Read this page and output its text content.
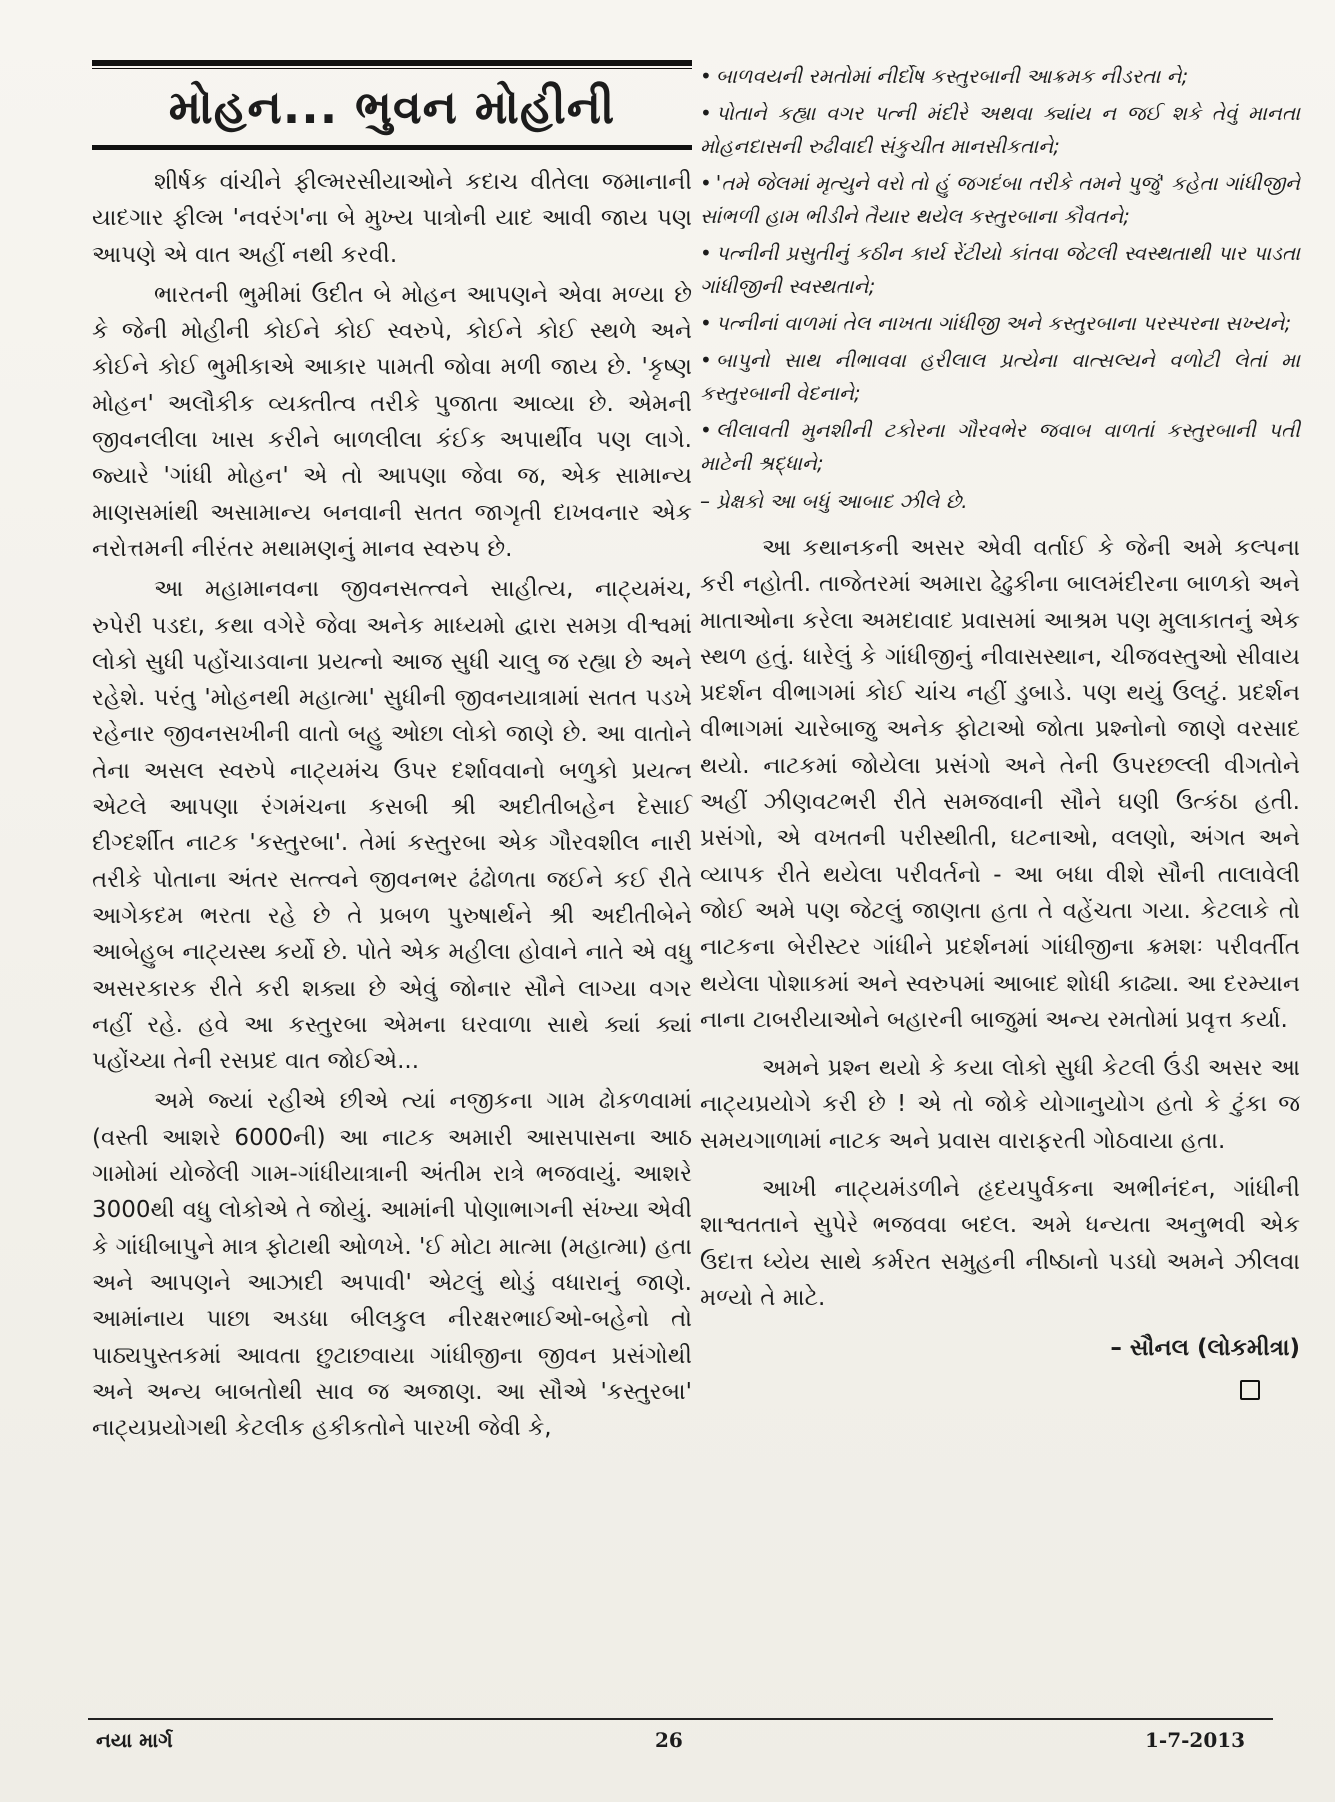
મોહન... ભુવન મોહીની

શીર્ષક વાંચીને ફીલ્મરસીયાઓને કદાચ વીતેલા જમાનાની યાદગાર ફીલ્મ 'નવરંગ'ના બે મુખ્ય પાત્રોની યાદ આવી જાય પણ આપણે એ વાત અહીં નથી કરવી.

ભારતની ભુમીમાં ઉદીત બે મોહન આપણને એવા મળ્યા છે કે જેની મોહીની કોઈને કોઈ સ્વરુપે, કોઈને કોઈ સ્થળે અને કોઈને કોઈ ભુમીકાએ આકાર પામતી જોવા મળી જાય છે. 'કૃષ્ણ મોહન' અલૌકીક વ્યક્તીત્વ તરીકે પુજાતા આવ્યા છે. એમની જીવનલીલા ખાસ કરીને બાળલીલા કંઈક અપાર્થીવ પણ લાગે. જ્યારે 'ગાંધી મોહન' એ તો આપણા જેવા જ, એક સામાન્ય માણસમાંથી અસામાન્ય બનવાની સતત જાગૃતી દાખવનાર એક નરોત્તમની નીરંતર મથામણનું માનવ સ્વરુપ છે.

આ મહામાનવના જીવનસત્ત્વને સાહીત્ય, નાટ્યમંચ, રુપેરી પડદા, કથા વગેરે જેવા અનેક માધ્યમો દ્વારા સમગ્ર વીશ્વમાં લોકો સુધી પહોંચાડવાના પ્રયત્નો આજ સુધી ચાલુ જ રહ્યા છે અને રહેશે. પરંતુ 'મોહનથી મહાત્મા' સુધીની જીવનયાત્રામાં સતત પડખે રહેનાર જીવનસખીની વાતો બહુ ઓછા લોકો જાણે છે. આ વાતોને તેના અસલ સ્વરુપે નાટ્યમંચ ઉપર દર્શાવવાનો બળુકો પ્રયત્ન એટલે આપણા રંગમંચના કસબી શ્રી અદીતીબહેન દેસાઈ દીગ્દર્શીત નાટક 'કસ્તુરબા'. તેમાં કસ્તુરબા એક ગૌરવશીલ નારી તરીકે પોતાના અંતર સત્ત્વને જીવનભર ઢંઢોળતા જઈને કઈ રીતે આગેકદમ ભરતા રહે છે તે પ્રબળ પુરુષાર્થને શ્રી અદીતીબેને આબેહુબ નાટ્યસ્થ કર્યો છે. પોતે એક મહીલા હોવાને નાતે એ વધુ અસરકારક રીતે કરી શક્યા છે એવું જોનાર સૌને લાગ્યા વગર નહીં રહે. હવે આ કસ્તુરબા એમના ઘરવાળા સાથે ક્યાં ક્યાં પહોંચ્યા તેની રસપ્રદ વાત જોઈએ...

અમે જ્યાં રહીએ છીએ ત્યાં નજીકના ગામ ઢોકળવામાં (વસ્તી આશરે 6000ની) આ નાટક અમારી આસપાસના આઠ ગામોમાં યોજેલી ગામ-ગાંધીયાત્રાની અંતીમ રાત્રે ભજવાયું. આશરે 3000થી વધુ લોકોએ તે જોયું. આમાંની પોણાભાગની સંખ્યા એવી કે ગાંધીબાપુને માત્ર ફોટાથી ઓળખે. 'ઈ મોટા માત્મા (મહાત્મા) હતા અને આપણને આઝાદી અપાવી' એટલું થોડું વધારાનું જાણે. આમાંનાય પાછા અડધા બીલકુલ નીરક્ષરભાઈઓ-બહેનો તો પાઠ્યપુસ્તકમાં આવતા છુટાછવાયા ગાંધીજીના જીવન પ્રસંગોથી અને અન્ય બાબતોથી સાવ જ અજાણ. આ સૌએ 'કસ્તુરબા' નાટ્યપ્રયોગથી કેટલીક હકીકતોને પારખી જેવી કે,

• બાળવયની રમતોમાં નીર્દોષ કસ્તુરબાની આક્રમક નીડરતા ને;
• પોતાને કહ્યા વગર પત્ની મંદીરે અથવા ક્યાંય ન જઈ શકે તેવું માનતા મોહનદાસની રુઢીવાદી સંકુચીત માનસીકતાને;
• 'તમે જેલમાં મૃત્યુને વરો તો હું જગદંબા તરીકે તમને પુજું' કહેતા ગાંધીજીને સાંભળી હામ ભીડીને તૈયાર થયેલ કસ્તુરબાના કૌવતને;
• પત્નીની પ્રસુતીનું કઠીન કાર્ય રેંટીયો કાંતવા જેટલી સ્વસ્થતાથી પાર પાડતા ગાંધીજીની સ્વસ્થતાને;
• પત્નીનાં વાળમાં તેલ નાખતા ગાંધીજી અને કસ્તુરબાના પરસ્પરના સખ્યને;
• બાપુનો સાથ નીભાવવા હરીલાલ પ્રત્યેના વાત્સલ્યને વળોટી લેતાં મા કસ્તુરબાની વેદનાને;
• લીલાવતી મુનશીની ટકોરના ગૌરવભેર જવાબ વાળતાં કસ્તુરબાની પતી માટેની શ્રદ્ધાને;

– પ્રેક્ષકો આ બધું આબાદ ઝીલે છે.

આ કથાનકની અસર એવી વર્તાઈ કે જેની અમે કલ્પના કરી નહોતી. તાજેતરમાં અમારા ઢેઢુકીના બાલમંદીરના બાળકો અને માતાઓના કરેલા અમદાવાદ પ્રવાસમાં આશ્રમ પણ મુલાકાતનું એક સ્થળ હતું. ધારેલું કે ગાંધીજીનું નીવાસસ્થાન, ચીજવસ્તુઓ સીવાય પ્રદર્શન વીભાગમાં કોઈ ચાંચ નહીં ડુબાડે. પણ થયું ઉલટું. પ્રદર્શન વીભાગમાં ચારેબાજુ અનેક ફોટાઓ જોતા પ્રશ્નોનો જાણે વરસાદ થયો. નાટકમાં જોયેલા પ્રસંગો અને તેની ઉપરછલ્લી વીગતોને અહીં ઝીણવટભરી રીતે સમજવાની સૌને ઘણી ઉત્કંઠા હતી. પ્રસંગો, એ વખતની પરીસ્થીતી, ઘટનાઓ, વલણો, અંગત અને વ્યાપક રીતે થયેલા પરીવર્તનો - આ બધા વીશે સૌની તાલાવેલી જોઈ અમે પણ જેટલું જાણતા હતા તે વહેંચતા ગયા. કેટલાકે તો નાટકના બેરીસ્ટર ગાંધીને પ્રદર્શનમાં ગાંધીજીના ક્રમશઃ પરીવર્તીત થયેલા પોશાકમાં અને સ્વરુપમાં આબાદ શોધી કાઢ્યા. આ દરમ્યાન નાના ટાબરીયાઓને બહારની બાજુમાં અન્ય રમતોમાં પ્રવૃત્ત કર્યા.

અમને પ્રશ્ન થયો કે કયા લોકો સુધી કેટલી ઉંડી અસર આ નાટ્યપ્રયોગે કરી છે ! એ તો જોકે યોગાનુયોગ હતો કે ટુંકા જ સમયગાળામાં નાટક અને પ્રવાસ વારાફરતી ગોઠવાયા હતા.

આખી નાટ્યમંડળીને હૃદયપુર્વકના અભીનંદન, ગાંધીની શાશ્વતતાને સુપેરે ભજવવા બદલ. અમે ધન્યતા અનુભવી એક ઉદાત્ત ધ્યેય સાથે કર્મરત સમુહની નીષ્ઠાનો પડઘો અમને ઝીલવા મળ્યો તે માટે.

– સૌનલ (લોકમીત્રા)
નયા માર્ગ	26	1-7-2013
